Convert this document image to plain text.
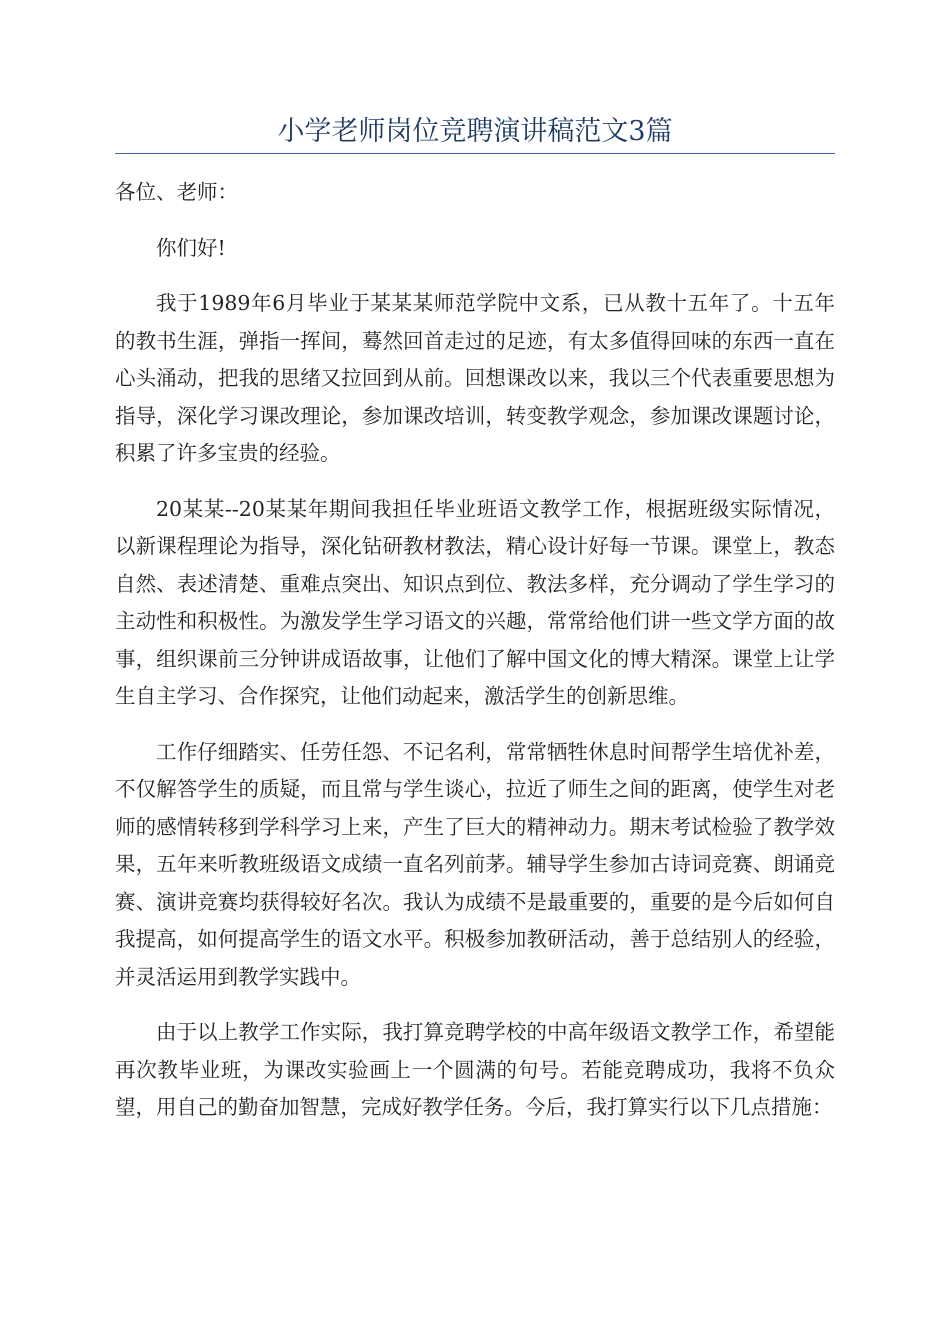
小学老师岗位竞聘演讲稿范文3篇

各位、老师：

你们好!

我于1989年6月毕业于某某某师范学院中文系，已从教十五年了。十五年的教书生涯，弹指一挥间，蓦然回首走过的足迹，有太多值得回味的东西一直在心头涌动，把我的思绪又拉回到从前。回想课改以来，我以三个代表重要思想为指导，深化学习课改理论，参加课改培训，转变教学观念，参加课改课题讨论，积累了许多宝贵的经验。

20某某--20某某年期间我担任毕业班语文教学工作，根据班级实际情况，以新课程理论为指导，深化钻研教材教法，精心设计好每一节课。课堂上，教态自然、表述清楚、重难点突出、知识点到位、教法多样，充分调动了学生学习的主动性和积极性。为激发学生学习语文的兴趣，常常给他们讲一些文学方面的故事，组织课前三分钟讲成语故事，让他们了解中国文化的博大精深。课堂上让学生自主学习、合作探究，让他们动起来，激活学生的创新思维。

工作仔细踏实、任劳任怨、不记名利，常常牺牲休息时间帮学生培优补差，不仅解答学生的质疑，而且常与学生谈心，拉近了师生之间的距离，使学生对老师的感情转移到学科学习上来，产生了巨大的精神动力。期末考试检验了教学效果，五年来听教班级语文成绩一直名列前茅。辅导学生参加古诗词竞赛、朗诵竞赛、演讲竞赛均获得较好名次。我认为成绩不是最重要的，重要的是今后如何自我提高，如何提高学生的语文水平。积极参加教研活动，善于总结别人的经验，并灵活运用到教学实践中。

由于以上教学工作实际，我打算竞聘学校的中高年级语文教学工作，希望能再次教毕业班，为课改实验画上一个圆满的句号。若能竞聘成功，我将不负众望，用自己的勤奋加智慧，完成好教学任务。今后，我打算实行以下几点措施：
